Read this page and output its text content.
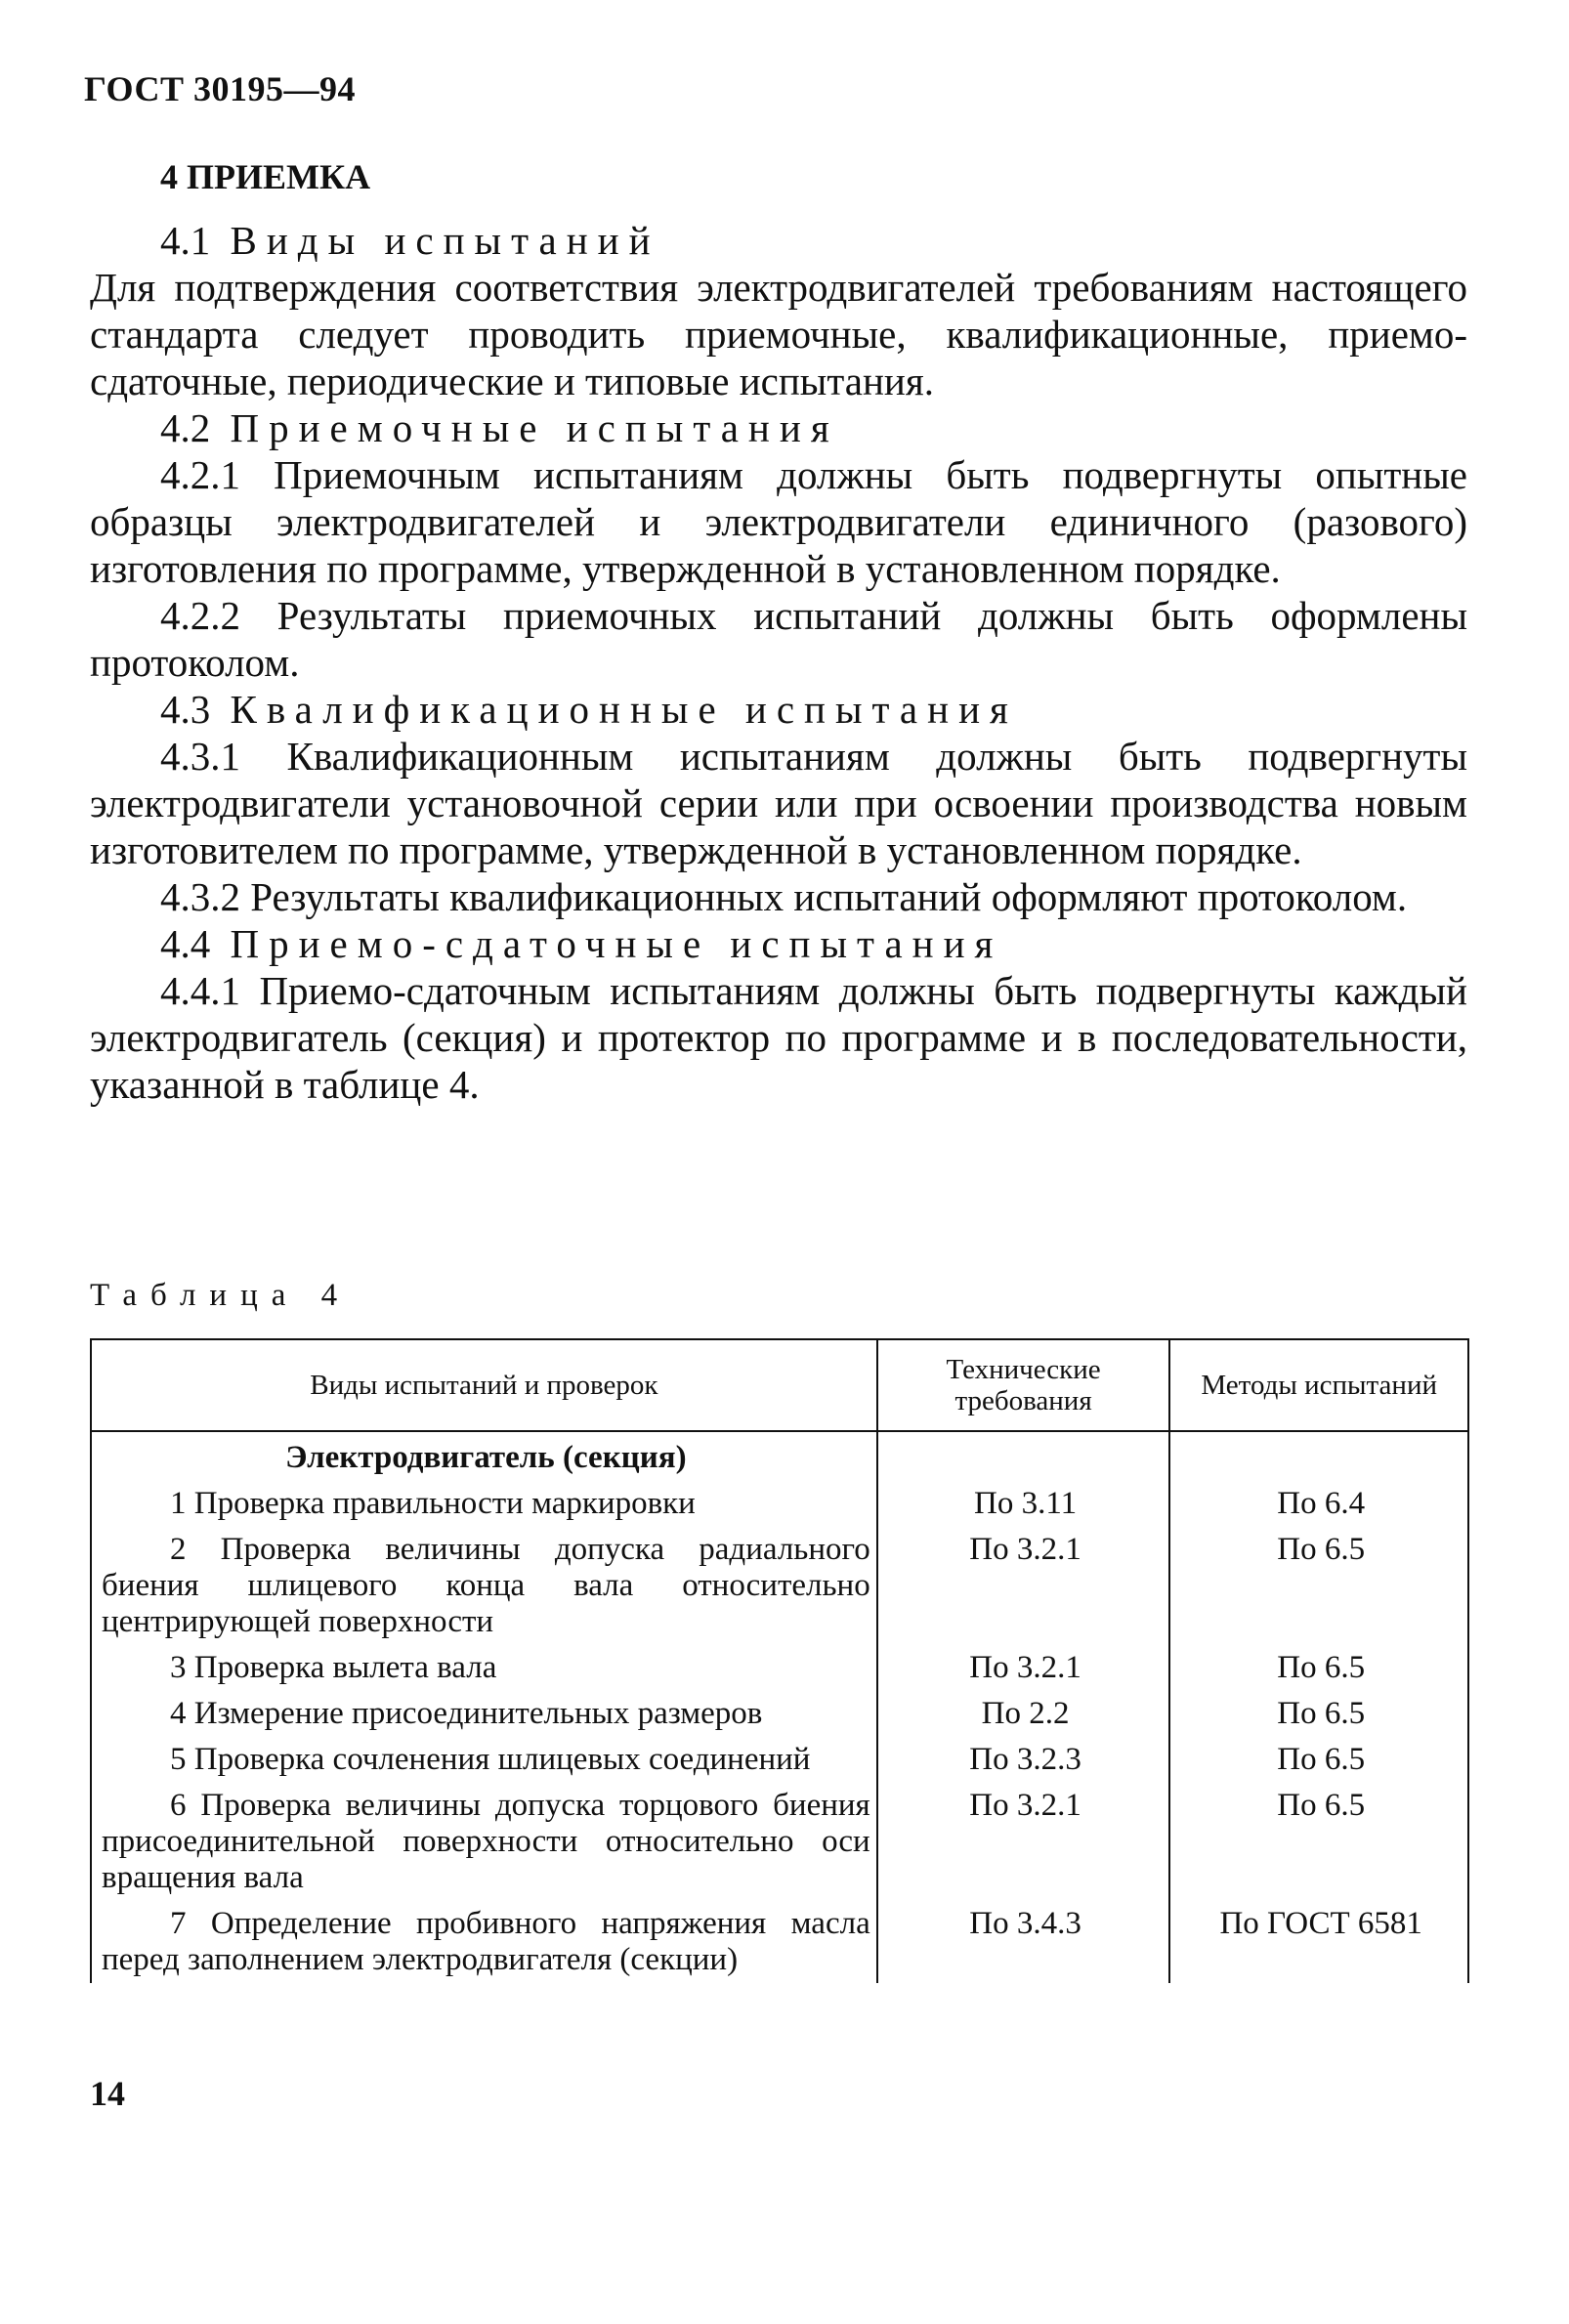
ГОСТ 30195—94
4 ПРИЕМКА
4.1 Виды испытаний

Для подтверждения соответствия электродвигателей требованиям настоящего стандарта следует проводить приемочные, квалификационные, приемо-сдаточные, периодические и типовые испытания.

4.2 Приемочные испытания

4.2.1 Приемочным испытаниям должны быть подвергнуты опытные образцы электродвигателей и электродвигатели единичного (разового) изготовления по программе, утвержденной в установленном порядке.

4.2.2 Результаты приемочных испытаний должны быть оформлены протоколом.

4.3 Квалификационные испытания

4.3.1 Квалификационным испытаниям должны быть подвергнуты электродвигатели установочной серии или при освоении производства новым изготовителем по программе, утвержденной в установленном порядке.

4.3.2 Результаты квалификационных испытаний оформляют протоколом.

4.4 Приемо-сдаточные испытания

4.4.1 Приемо-сдаточным испытаниям должны быть подвергнуты каждый электродвигатель (секция) и протектор по программе и в последовательности, указанной в таблице 4.

Таблица 4
Виды испытаний и проверок	Технические требования	Методы испытаний
Электродвигатель (секция)		
1 Проверка правильности маркировки	По 3.11	По 6.4
2 Проверка величины допуска радиального биения шлицевого конца вала относительно центрирующей поверхности	По 3.2.1	По 6.5
3 Проверка вылета вала	По 3.2.1	По 6.5
4 Измерение присоединительных размеров	По 2.2	По 6.5
5 Проверка сочленения шлицевых соединений	По 3.2.3	По 6.5
6 Проверка величины допуска торцового биения присоединительной поверхности относительно оси вращения вала	По 3.2.1	По 6.5
7 Определение пробивного напряжения масла перед заполнением электродвигателя (секции)	По 3.4.3	По ГОСТ 6581
14
